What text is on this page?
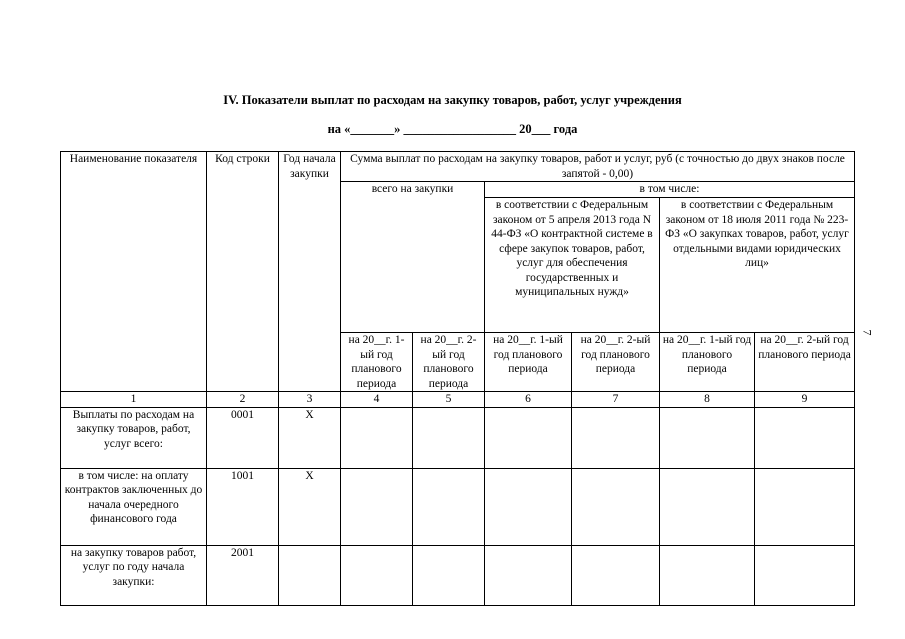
IV. Показатели выплат по расходам на закупку товаров, работ, услуг учреждения
на «_______» __________________ 20___ года
7
Наименование показателя	Код строки	Год начала закупки	Сумма выплат по расходам на закупку товаров, работ и услуг, руб (с точностью до двух знаков после запятой - 0,00)					
			всего на закупки		в том числе:			
					в соответствии с Федеральным законом от 5 апреля 2013 года N 44-ФЗ «О контрактной системе в сфере закупок товаров, работ, услуг для обеспечения государственных и муниципальных нужд»		в соответствии с Федеральным законом от 18 июля 2011 года № 223-ФЗ «О закупках товаров, работ, услуг отдельными видами юридических лиц»	
			на 20__г. 1-ый год планового периода	на 20__г. 2-ый год планового периода	на 20__г. 1-ый год планового периода	на 20__г. 2-ый год планового периода	на 20__г. 1-ый год планового периода	на 20__г. 2-ый год планового периода
1	2	3	4	5	6	7	8	9
Выплаты по расходам на закупку товаров, работ, услуг всего:	0001	Х						
в том числе: на оплату контрактов заключенных до начала очередного финансового года	1001	Х						
на закупку товаров работ, услуг по году начала закупки:	2001							
